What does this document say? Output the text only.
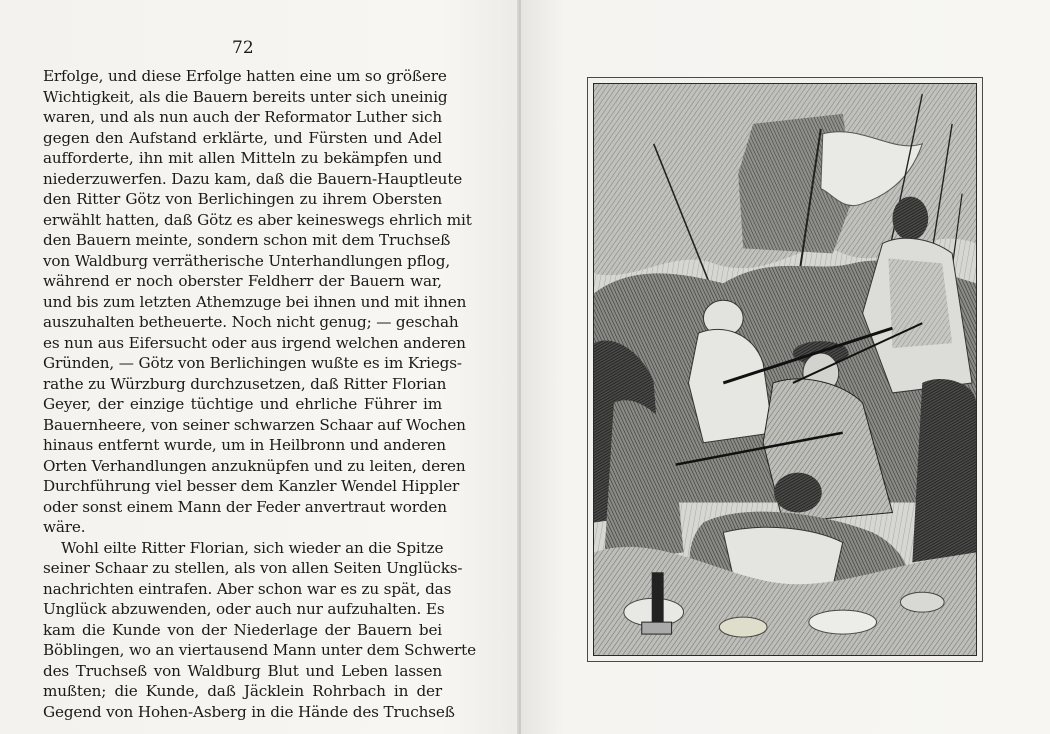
72
Erfolge, und diese Erfolge hatten eine um so größere
Wichtigkeit, als die Bauern bereits unter sich uneinig
waren, und als nun auch der Reformator Luther sich
gegen den Aufstand erklärte, und Fürsten und Adel
aufforderte, ihn mit allen Mitteln zu bekämpfen und
niederzuwerfen. Dazu kam, daß die Bauern-Hauptleute
den Ritter Götz von Berlichingen zu ihrem Obersten
erwählt hatten, daß Götz es aber keineswegs ehrlich mit
den Bauern meinte, sondern schon mit dem Truchseß
von Waldburg verrätherische Unterhandlungen pflog,
während er noch oberster Feldherr der Bauern war,
und bis zum letzten Athemzuge bei ihnen und mit ihnen
auszuhalten betheuerte. Noch nicht genug; — geschah
es nun aus Eifersucht oder aus irgend welchen anderen
Gründen, — Götz von Berlichingen wußte es im Kriegs-
rathe zu Würzburg durchzusetzen, daß Ritter Florian
Geyer, der einzige tüchtige und ehrliche Führer im
Bauernheere, von seiner schwarzen Schaar auf Wochen
hinaus entfernt wurde, um in Heilbronn und anderen
Orten Verhandlungen anzuknüpfen und zu leiten, deren
Durchführung viel besser dem Kanzler Wendel Hippler
oder sonst einem Mann der Feder anvertraut worden
wäre.
Wohl eilte Ritter Florian, sich wieder an die Spitze
seiner Schaar zu stellen, als von allen Seiten Unglücks-
nachrichten eintrafen. Aber schon war es zu spät, das
Unglück abzuwenden, oder auch nur aufzuhalten. Es
kam die Kunde von der Niederlage der Bauern bei
Böblingen, wo an viertausend Mann unter dem Schwerte
des Truchseß von Waldburg Blut und Leben lassen
mußten; die Kunde, daß Jäcklein Rohrbach in der
Gegend von Hohen-Asberg in die Hände des Truchseß
